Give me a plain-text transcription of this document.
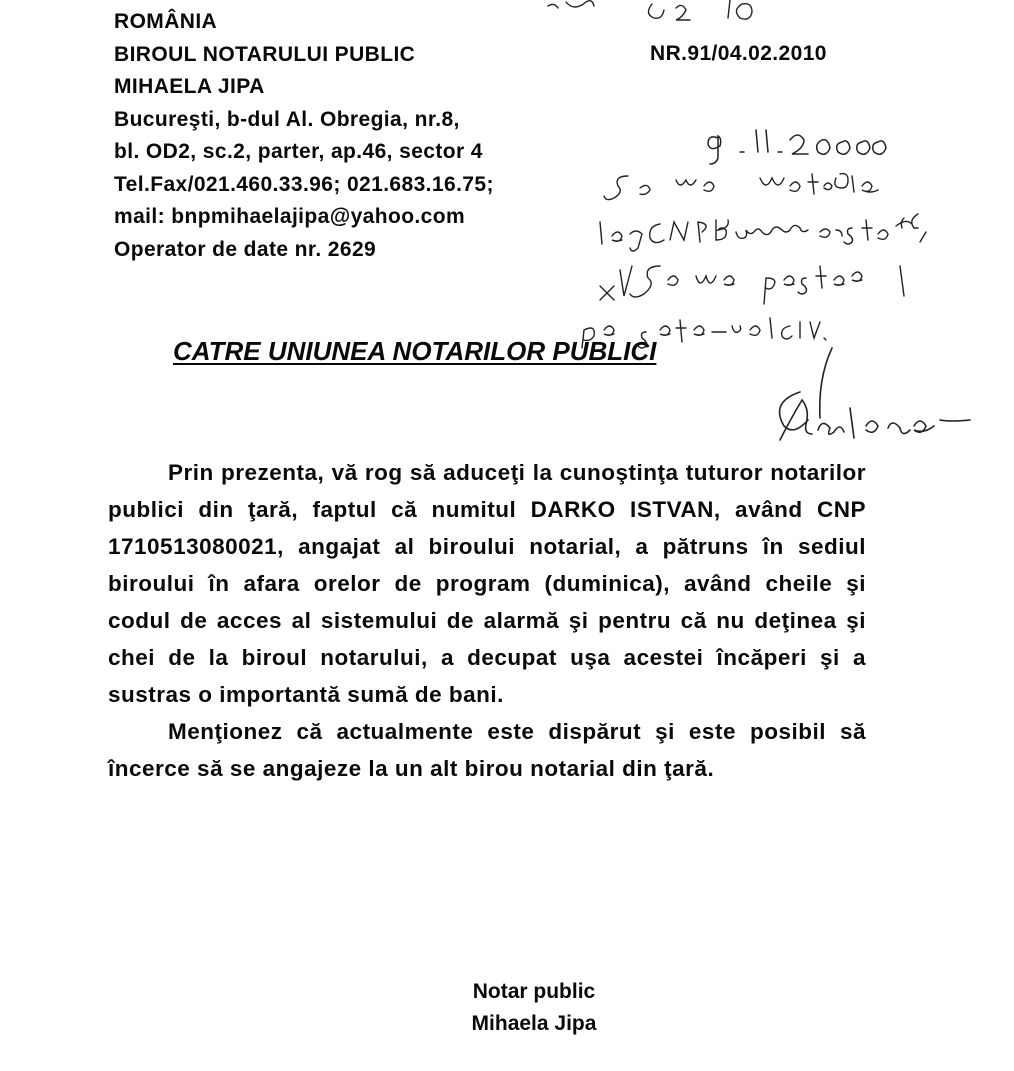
ROMÂNIA
BIROUL NOTARULUI PUBLIC
MIHAELA JIPA
Bucureşti, b-dul Al. Obregia, nr.8,
bl. OD2, sc.2, parter, ap.46, sector 4
Tel.Fax/021.460.33.96; 021.683.16.75;
mail: bnpmihaelajipa@yahoo.com
Operator de date nr. 2629
NR.91/04.02.2010
CATRE UNIUNEA NOTARILOR PUBLICI

Prin prezenta, vă rog să aduceţi la cunoştinţa tuturor notarilor publici din ţară, faptul că numitul DARKO ISTVAN, având CNP 1710513080021, angajat al biroului notarial, a pătruns în sediul biroului în afara orelor de program (duminica), având cheile şi codul de acces al sistemului de alarmă şi pentru că nu deţinea şi chei de la biroul notarului, a decupat uşa acestei încăperi şi a sustras o importantă sumă de bani.

Menţionez că actualmente este dispărut şi este posibil să încerce să se angajeze la un alt birou notarial din ţară.

Notar public
Mihaela Jipa
